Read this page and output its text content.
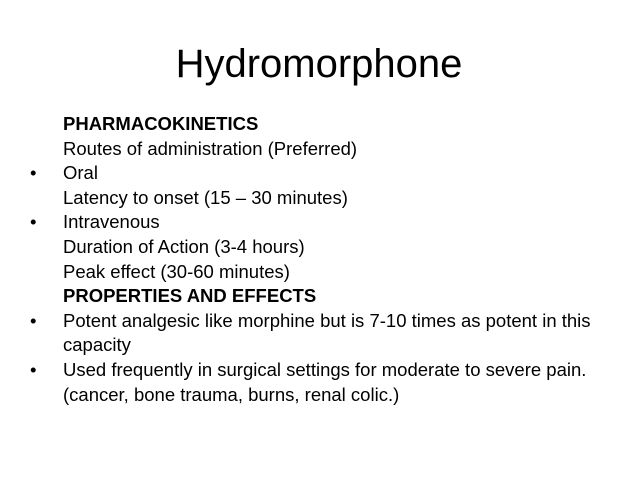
Hydromorphone
PHARMACOKINETICS
Routes of administration (Preferred)
• Oral
Latency to onset (15 – 30 minutes)
• Intravenous
Duration of Action (3-4 hours)
Peak effect (30-60 minutes)
PROPERTIES AND EFFECTS
• Potent analgesic like morphine but is 7-10 times as potent in this capacity
• Used frequently in surgical settings for moderate to severe pain. (cancer, bone trauma, burns, renal colic.)
